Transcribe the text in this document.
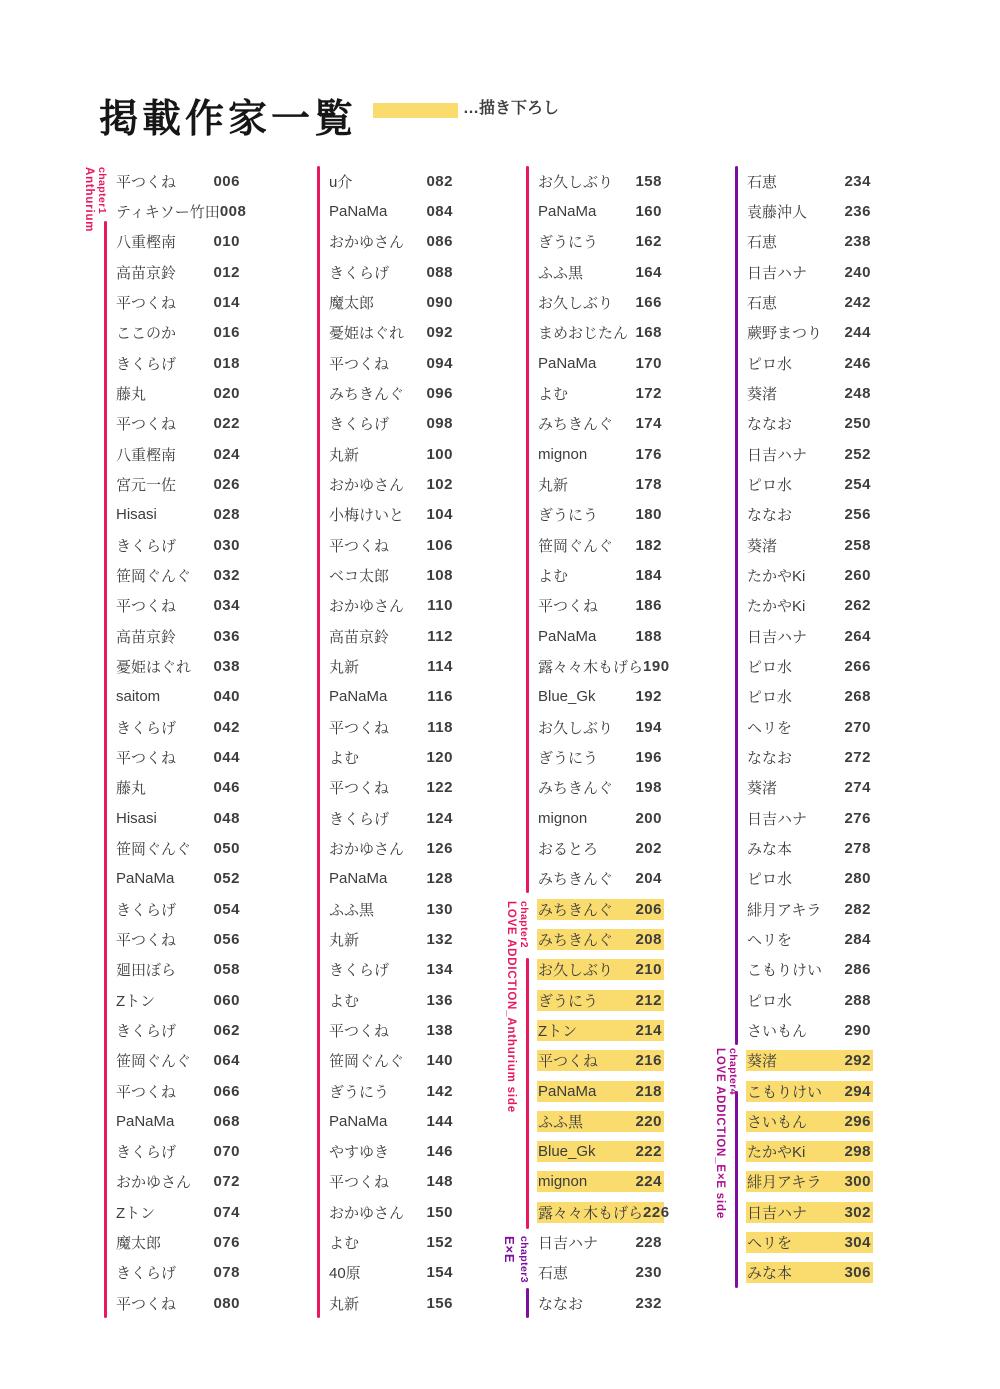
掲載作家一覧	…描き下ろし
平つくね 006
ティキソー竹田 008
八重樫南 010
高苗京鈴 012
平つくね 014
ここのか 016
きくらげ 018
藤丸	020
平つくね 022
八重樫南 024
宮元一佐 026
Hisasi	028
きくらげ 030
笹岡ぐんぐ 032
平つくね 034
高苗京鈴 036
憂姫はぐれ 038
saitom	040
きくらげ 042
平つくね 044
藤丸	046
Hisasi	048
笹岡ぐんぐ 050
PaNaMa	052
きくらげ 054
平つくね 056
廻田ぼら 058
Zトン	060
きくらげ 062
笹岡ぐんぐ 064
平つくね 066
PaNaMa	068
きくらげ 070
おかゆさん 072
Zトン	074
魔太郎	076
きくらげ 078
平つくね 080
u介	082
PaNaMa	084
おかゆさん 086
きくらげ 088
魔太郎	090
憂姫はぐれ 092
平つくね 094
みちきんぐ 096
きくらげ 098
丸新	100
おかゆさん 102
小梅けいと 104
平つくね 106
ベコ太郎 108
おかゆさん 110
高苗京鈴	112
丸新	114
PaNaMa	116
平つくね	118
よむ	120
平つくね 122
きくらげ 124
おかゆさん 126
PaNaMa	128
ふふ黒	130
丸新	132
きくらげ 134
よむ	136
平つくね 138
笹岡ぐんぐ 140
ぎうにう 142
PaNaMa	144
やすゆき 146
平つくね 148
おかゆさん 150
よむ	152
40原	154
丸新	156
お久しぶり 158
PaNaMa	160
ぎうにう 162
ふふ黒	164
お久しぶり 166
まめおじたん 168
PaNaMa	170
よむ	172
みちきんぐ 174
mignon	176
丸新	178
ぎうにう 180
笹岡ぐんぐ 182
よむ	184
平つくね 186
PaNaMa	188
露々々木もげら 190
Blue_Gk	192
お久しぶり 194
ぎうにう 196
みちきんぐ 198
mignon	200
おるとろ 202
みちきんぐ 204
みちきんぐ 206
みちきんぐ 208
お久しぶり 210
ぎうにう 212
Zトン	214
平つくね 216
PaNaMa	218
ふふ黒	220
Blue_Gk	222
mignon	224
露々々木もげら 226
日吉ハナ 228
石恵	230
ななお	232
石恵	234
袁藤沖人 236
石恵	238
日吉ハナ 240
石恵	242
蕨野まつり 244
ピロ水	246
葵渚	248
ななお	250
日吉ハナ 252
ピロ水	254
ななお	256
葵渚	258
たかやKi	260
たかやKi	262
日吉ハナ 264
ピロ水	266
ピロ水	268
ヘリを	270
ななお	272
葵渚	274
日吉ハナ 276
みな本	278
ピロ水	280
緋月アキラ 282
ヘリを	284
こもりけい 286
ピロ水	288
さいもん 290
葵渚	292
こもりけい 294
さいもん 296
たかやKi	298
緋月アキラ 300
日吉ハナ 302
ヘリを	304
みな本	306
chapter1
Anthurium
chapter2
LOVE ADDICTION_Anthurium side
chapter3
E×E
chapter4
LOVE ADDICTION_E×E side
